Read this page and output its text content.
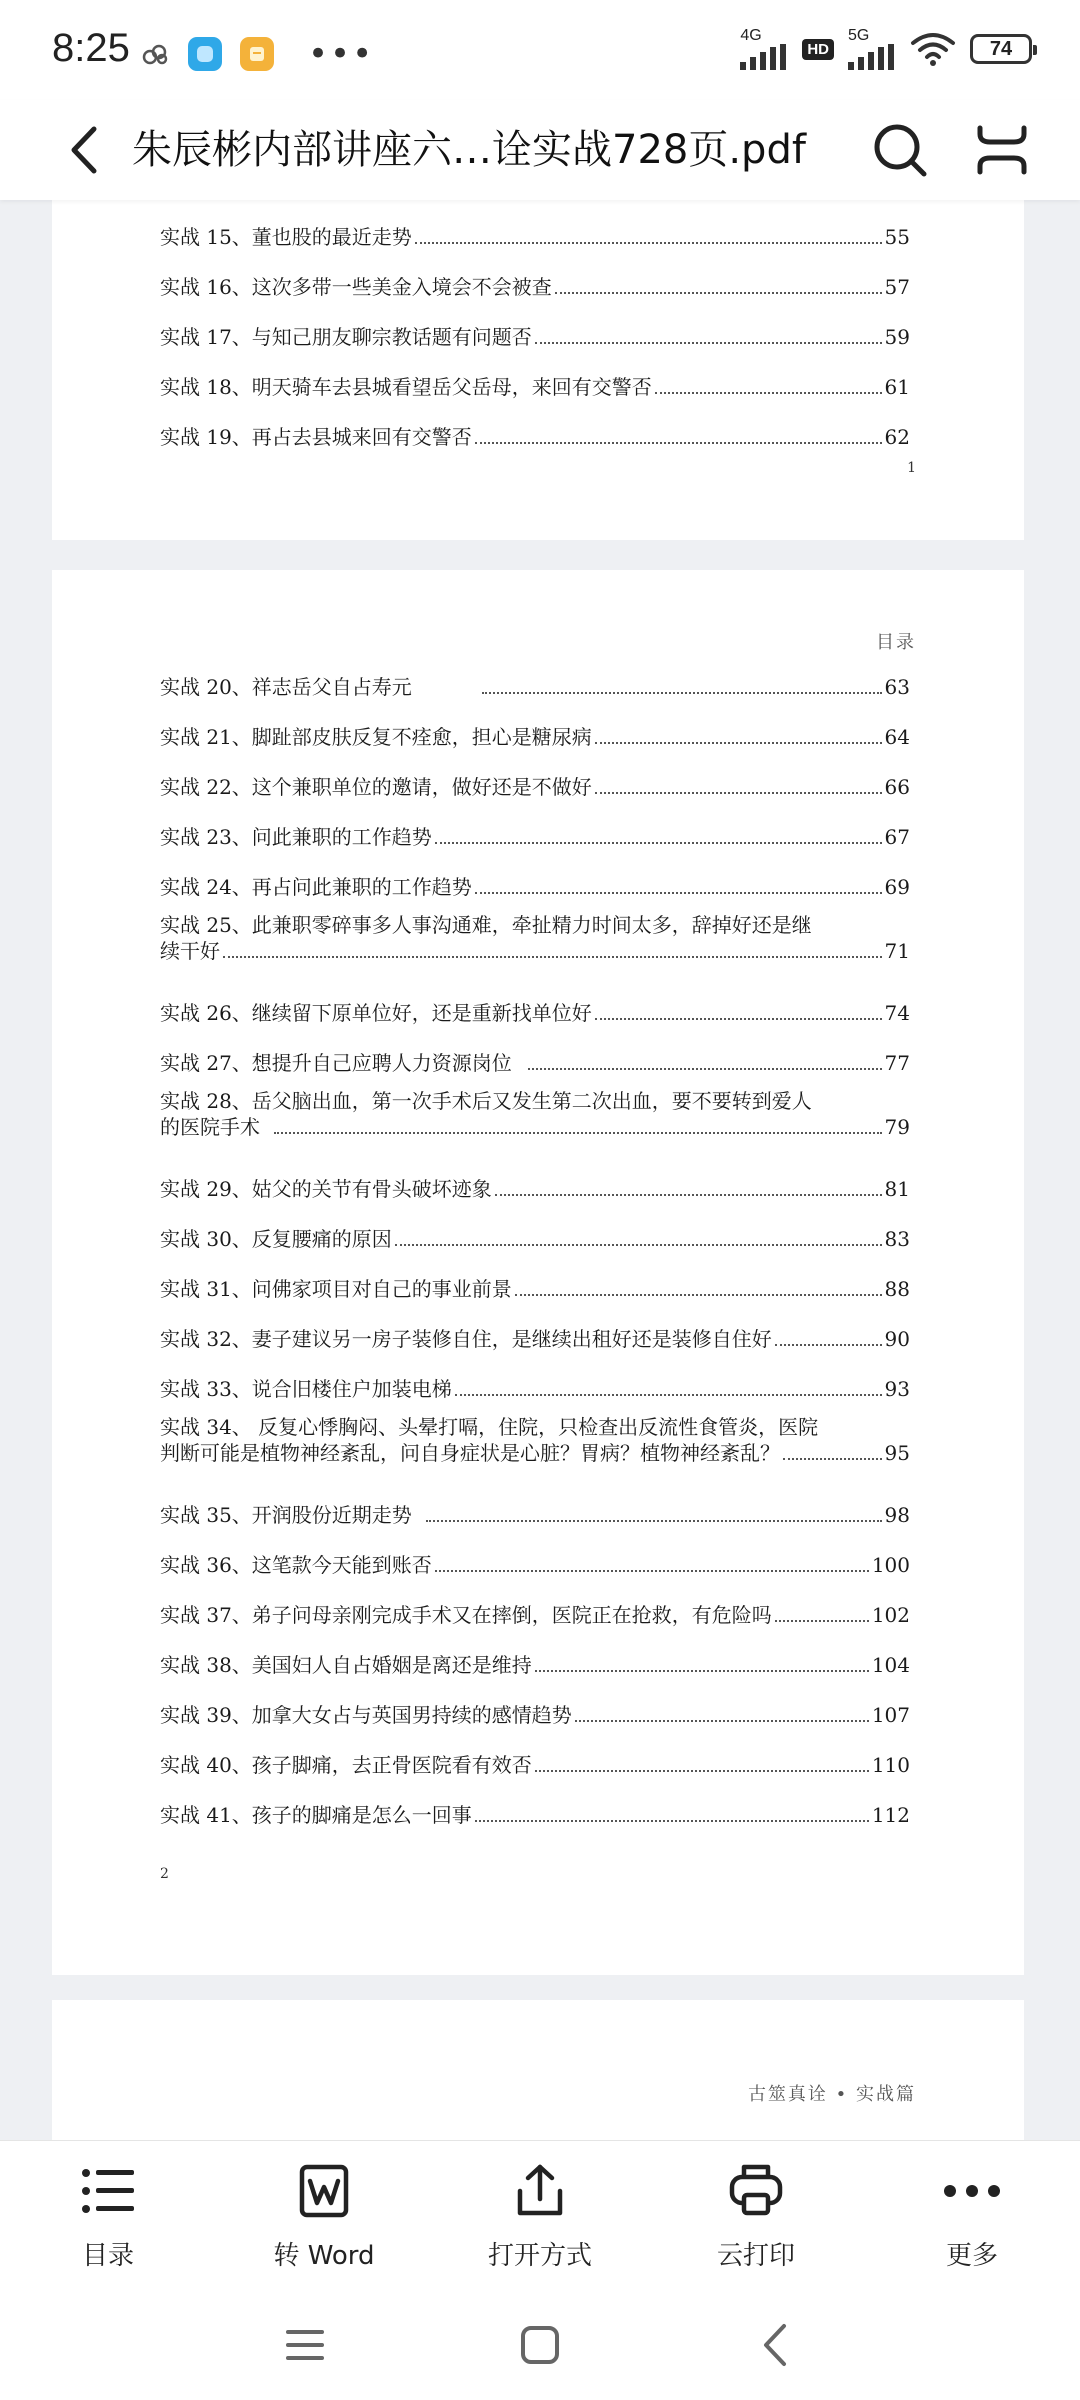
8:25	•••	4G
HD
5G
74
朱辰彬内部讲座六…诠实战728页.pdf
实战 15、董也股的最近走势	55
实战 16、这次多带一些美金入境会不会被查	57
实战 17、与知己朋友聊宗教话题有问题否	59
实战 18、明天骑车去县城看望岳父岳母，来回有交警否	61
实战 19、再占去县城来回有交警否	62
1
目录
实战 20、祥志岳父自占寿元	63
实战 21、脚趾部皮肤反复不痊愈，担心是糖尿病	64
实战 22、这个兼职单位的邀请，做好还是不做好	66
实战 23、问此兼职的工作趋势	67
实战 24、再占问此兼职的工作趋势	69
实战 25、此兼职零碎事多人事沟通难，牵扯精力时间太多，辞掉好还是继
续干好	71
实战 26、继续留下原单位好，还是重新找单位好	74
实战 27、想提升自己应聘人力资源岗位	77
实战 28、岳父脑出血，第一次手术后又发生第二次出血，要不要转到爱人
的医院手术	79
实战 29、姑父的关节有骨头破坏迹象	81
实战 30、反复腰痛的原因	83
实战 31、问佛家项目对自己的事业前景	88
实战 32、妻子建议另一房子装修自住，是继续出租好还是装修自住好	90
实战 33、说合旧楼住户加装电梯	93
实战 34、 反复心悸胸闷、头晕打嗝，住院，只检查出反流性食管炎，医院
判断可能是植物神经紊乱，问自身症状是心脏？胃病？植物神经紊乱？	95
实战 35、开润股份近期走势	98
实战 36、这笔款今天能到账否	100
实战 37、弟子问母亲刚完成手术又在摔倒，医院正在抢救，有危险吗	102
实战 38、美国妇人自占婚姻是离还是维持	104
实战 39、加拿大女占与英国男持续的感情趋势	107
实战 40、孩子脚痛，去正骨医院看有效否	110
实战 41、孩子的脚痛是怎么一回事	112
2
古筮真诠 • 实战篇
目录	转 Word	打开方式	云打印	更多
